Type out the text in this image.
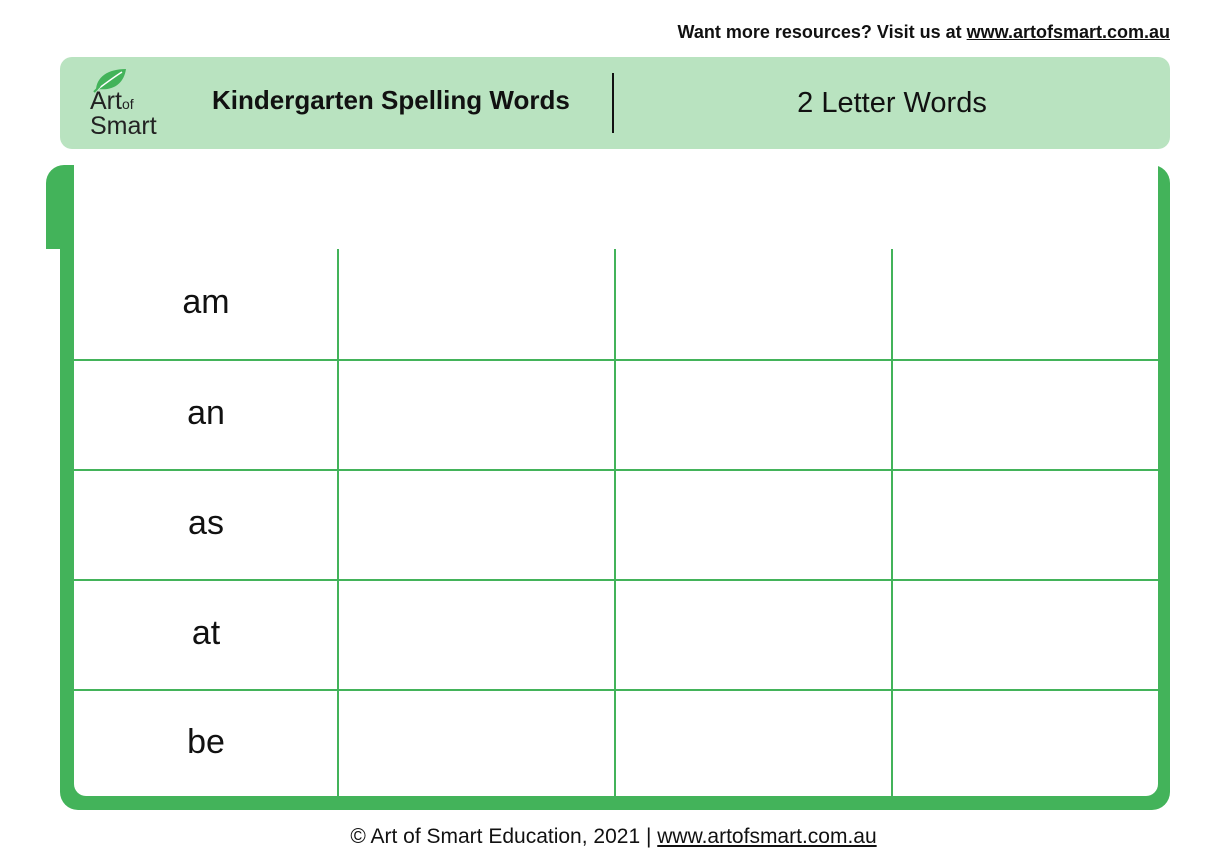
Want more resources? Visit us at www.artofsmart.com.au
Artof
Smart
Kindergarten Spelling Words	2 Letter Words
am
an
as
at
be
© Art of Smart Education, 2021 | www.artofsmart.com.au
